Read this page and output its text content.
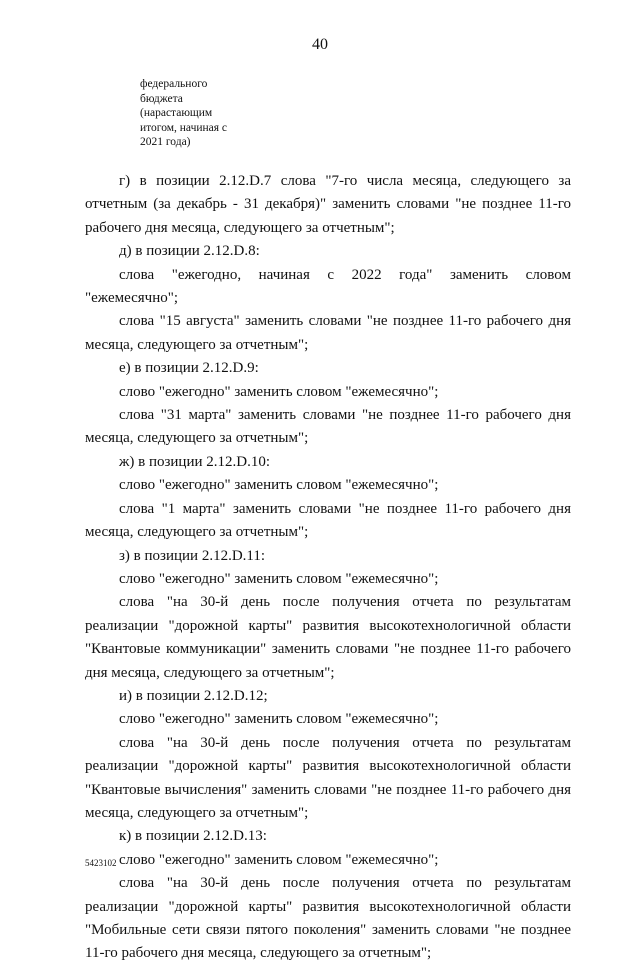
40
федерального
бюджета
(нарастающим
итогом, начиная с
2021 года)

г) в позиции 2.12.D.7 слова "7-го числа месяца, следующего за отчетным (за декабрь - 31 декабря)" заменить словами "не позднее 11-го рабочего дня месяца, следующего за отчетным";

д) в позиции 2.12.D.8:

слова "ежегодно, начиная с 2022 года" заменить словом "ежемесячно";

слова "15 августа" заменить словами "не позднее 11-го рабочего дня месяца, следующего за отчетным";

е) в позиции 2.12.D.9:

слово "ежегодно" заменить словом "ежемесячно";

слова "31 марта" заменить словами "не позднее 11-го рабочего дня месяца, следующего за отчетным";

ж) в позиции 2.12.D.10:

слово "ежегодно" заменить словом "ежемесячно";

слова "1 марта" заменить словами "не позднее 11-го рабочего дня месяца, следующего за отчетным";

з) в позиции 2.12.D.11:

слово "ежегодно" заменить словом "ежемесячно";

слова "на 30-й день после получения отчета по результатам реализации "дорожной карты" развития высокотехнологичной области "Квантовые коммуникации" заменить словами "не позднее 11-го рабочего дня месяца, следующего за отчетным";

и) в позиции 2.12.D.12;

слово "ежегодно" заменить словом "ежемесячно";

слова "на 30-й день после получения отчета по результатам реализации "дорожной карты" развития высокотехнологичной области "Квантовые вычисления" заменить словами "не позднее 11-го рабочего дня месяца, следующего за отчетным";

к) в позиции 2.12.D.13:

слово "ежегодно" заменить словом "ежемесячно";

слова "на 30-й день после получения отчета по результатам реализации "дорожной карты" развития высокотехнологичной области "Мобильные сети связи пятого поколения" заменить словами "не позднее 11-го рабочего дня месяца, следующего за отчетным";

5423102
